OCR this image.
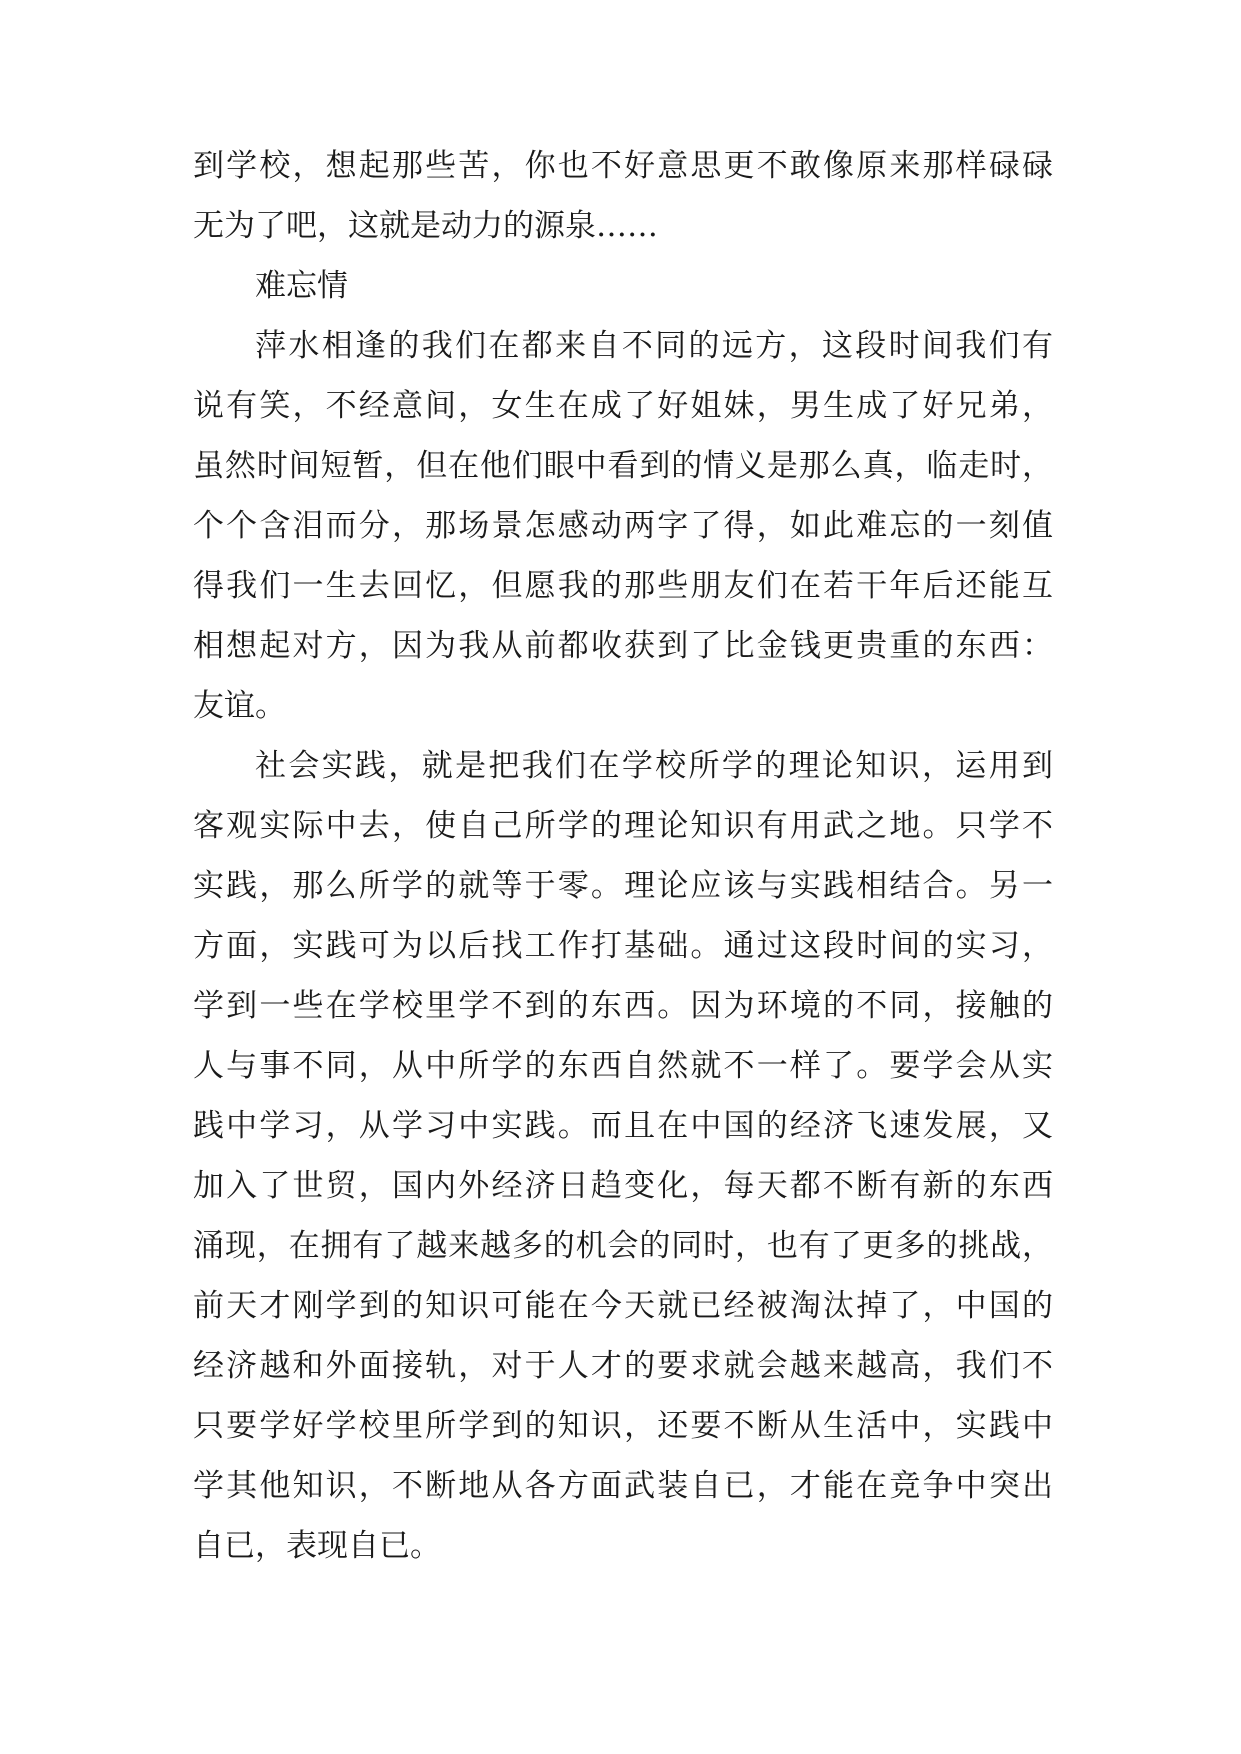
到学校，想起那些苦，你也不好意思更不敢像原来那样碌碌
无为了吧，这就是动力的源泉……
难忘情
萍水相逢的我们在都来自不同的远方，这段时间我们有
说有笑，不经意间，女生在成了好姐妹，男生成了好兄弟，
虽然时间短暂，但在他们眼中看到的情义是那么真，临走时，
个个含泪而分，那场景怎感动两字了得，如此难忘的一刻值
得我们一生去回忆，但愿我的那些朋友们在若干年后还能互
相想起对方，因为我从前都收获到了比金钱更贵重的东西：
友谊。
社会实践，就是把我们在学校所学的理论知识，运用到
客观实际中去，使自己所学的理论知识有用武之地。只学不
实践，那么所学的就等于零。理论应该与实践相结合。另一
方面，实践可为以后找工作打基础。通过这段时间的实习，
学到一些在学校里学不到的东西。因为环境的不同，接触的
人与事不同，从中所学的东西自然就不一样了。要学会从实
践中学习，从学习中实践。而且在中国的经济飞速发展，又
加入了世贸，国内外经济日趋变化，每天都不断有新的东西
涌现，在拥有了越来越多的机会的同时，也有了更多的挑战，
前天才刚学到的知识可能在今天就已经被淘汰掉了，中国的
经济越和外面接轨，对于人才的要求就会越来越高，我们不
只要学好学校里所学到的知识，还要不断从生活中，实践中
学其他知识，不断地从各方面武装自已，才能在竞争中突出
自已，表现自已。
